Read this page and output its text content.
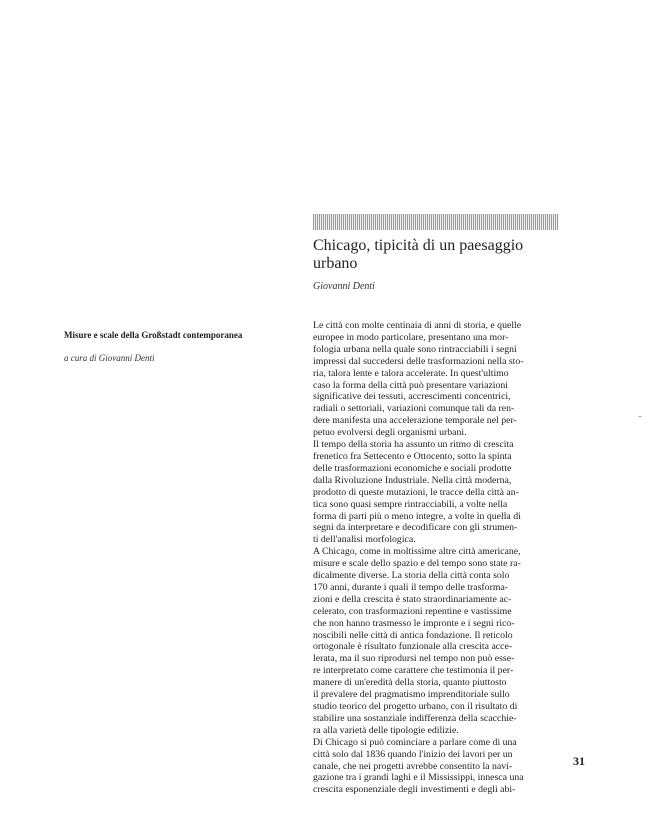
Chicago, tipicità di un paesaggio urbano
Giovanni Denti
Misure e scale della Großstadt contemporanea
a cura di Giovanni Denti
Le città con molte centinaia di anni di storia, e quelle
europee in modo particolare, presentano una mor-
fologia urbana nella quale sono rintracciabili i segni
impressi dal succedersi delle trasformazioni nella sto-
ria, talora lente e talora accelerate. In quest'ultimo
caso la forma della città può presentare variazioni
significative dei tessuti, accrescimenti concentrici,
radiali o settoriali, variazioni comunque tali da ren-
dere manifesta una accelerazione temporale nel per-
petuo evolversi degli organismi urbani.
Il tempo della storia ha assunto un ritmo di crescita
frenetico fra Settecento e Ottocento, sotto la spinta
delle trasformazioni economiche e sociali prodotte
dalla Rivoluzione Industriale. Nella città moderna,
prodotto di queste mutazioni, le tracce della città an-
tica sono quasi sempre rintracciabili, a volte nella
forma di parti più o meno integre, a volte in quella di
segni da interpretare e decodificare con gli strumen-
ti dell'analisi morfologica.
A Chicago, come in moltissime altre città americane,
misure e scale dello spazio e del tempo sono state ra-
dicalmente diverse. La storia della città conta solo
170 anni, durante i quali il tempo delle trasforma-
zioni e della crescita è stato straordinariamente ac-
celerato, con trasformazioni repentine e vastissime
che non hanno trasmesso le impronte e i segni rico-
noscibili nelle città di antica fondazione. Il reticolo
ortogonale è risultato funzionale alla crescita acce-
lerata, ma il suo riprodursi nel tempo non può esse-
re interpretato come carattere che testimonia il per-
manere di un'eredità della storia, quanto piuttosto
il prevalere del pragmatismo imprenditoriale sullo
studio teorico del progetto urbano, con il risultato di
stabilire una sostanziale indifferenza della scacchie-
ra alla varietà delle tipologie edilizie.
Di Chicago si può cominciare a parlare come di una
città solo dal 1836 quando l'inizio dei lavori per un
canale, che nei progetti avrebbe consentito la navi-
gazione tra i grandi laghi e il Mississippi, innesca una
crescita esponenziale degli investimenti e degli abi-
31
